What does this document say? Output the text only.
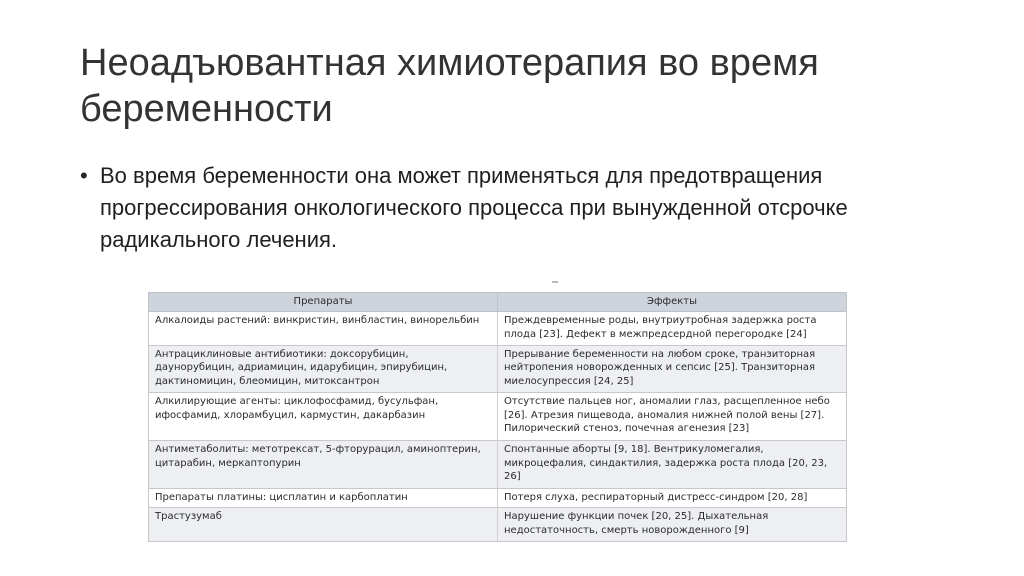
Неоадъювантная химиотерапия во время беременности
• Во время беременности она может применяться для предотвращения прогрессирования онкологического процесса при вынужденной отсрочке радикального лечения.
Препараты	Эффекты
Алкалоиды растений: винкристин, винбластин, винорельбин	Преждевременные роды, внутриутробная задержка роста плода [23]. Дефект в межпредсердной перегородке [24]
Антрациклиновые антибиотики: доксорубицин, даунорубицин, адриамицин, идарубицин, эпирубицин, дактиномицин, блеомицин, митоксантрон	Прерывание беременности на любом сроке, транзиторная нейтропения новорожденных и сепсис [25]. Транзиторная миелосупрессия [24, 25]
Алкилирующие агенты: циклофосфамид, бусульфан, ифосфамид, хлорамбуцил, кармустин, дакарбазин	Отсутствие пальцев ног, аномалии глаз, расщепленное небо [26]. Атрезия пищевода, аномалия нижней полой вены [27]. Пилорический стеноз, почечная агенезия [23]
Антиметаболиты: метотрексат, 5-фторурацил, аминоптерин, цитарабин, меркаптопурин	Спонтанные аборты [9, 18]. Вентрикуломегалия, микроцефалия, синдактилия, задержка роста плода [20, 23, 26]
Препараты платины: цисплатин и карбоплатин	Потеря слуха, респираторный дистресс-синдром [20, 28]
Трастузумаб	Нарушение функции почек [20, 25]. Дыхательная недостаточность, смерть новорожденного [9]
